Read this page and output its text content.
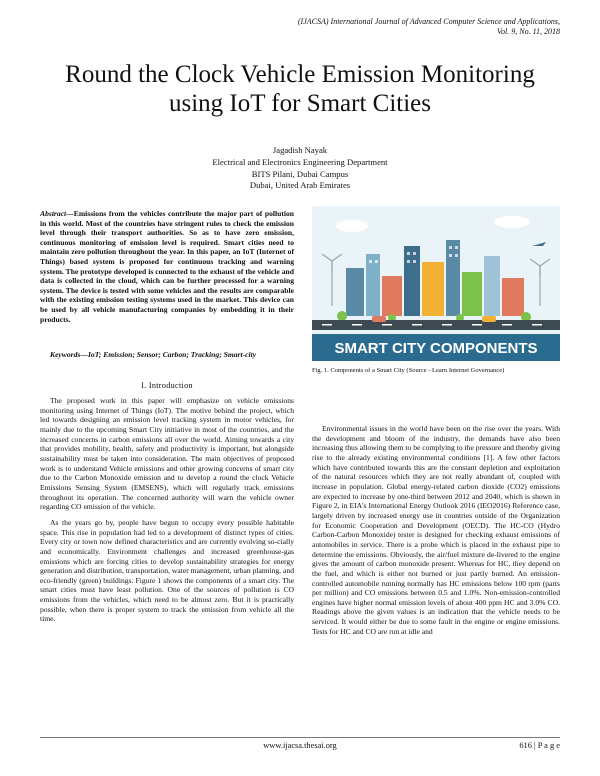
(IJACSA) International Journal of Advanced Computer Science and Applications,
Vol. 9, No. 11, 2018
Round the Clock Vehicle Emission Monitoring using IoT for Smart Cities
Jagadish Nayak
Electrical and Electronics Engineering Department
BITS Pilani, Dubai Campus
Dubai, United Arab Emirates
Abstract—Emissions from the vehicles contribute the major part of pollution in this world. Most of the countries have stringent rules to check the emission level through their transport authorities. So as to have zero emission, continuous monitoring of emission level is required. Smart cities need to maintain zero pollution throughout the year. In this paper, an IoT (Internet of Things) based system is proposed for continuous tracking and warning system. The prototype developed is connected to the exhaust of the vehicle and data is collected in the cloud, which can be further processed for a warning system. The device is tested with some vehicles and the results are comparable with the existing emission testing systems used in the market. This device can be used by all vehicle manufacturing companies by embedding it in their products.
Keywords—IoT; Emission; Sensor; Carbon; Tracking; Smart-city
I. Introduction

The proposed work in this paper will emphasize on vehicle emissions monitoring using Internet of Things (IoT). The motive behind the project, which led towards designing an emission level tracking system in motor vehicles, for mainly due to the upcoming Smart City initiative in most of the countries, and the increased concerns in carbon emissions all over the world. Aiming towards a city that provides mobility, health, safety and productivity is important, but alongside sustainability must be taken into consideration. The main objectives of proposed work is to understand Vehicle emissions and other growing concerns of smart city due to the Carbon Monoxide emission and to develop a round the clock Vehicle Emissions Sensing System (EMSENS), which will regularly track emissions throughout its operation. The concerned authority will warn the vehicle owner regarding CO emission of the vehicle.

As the years go by, people have begun to occupy every possible habitable space. This rise in population had led to a development of distinct types of cities. Every city or town now defined characteristics and are currently evolving so-cially and economically. Environment challenges and increased greenhouse-gas emissions which are forcing cities to develop sustainability strategies for energy generation and distribution, transportation, water management, urban planning, and eco-friendly (green) buildings. Figure 1 shows the components of a smart city. The smart cities must have least pollution. One of the sources of pollution is CO emissions from the vehicles, which need to be almost zero. But it is practically possible, when there is proper system to track the emission from vehicle all the time.

SMART CITY COMPONENTS
Fig. 1. Components of a Smart City (Source - Learn Internet Governance)

Environmental issues in the world have been on the rise over the years. With the development and bloom of the industry, the demands have also been increasing thus allowing them to be complying to the pressure and thereby giving rise to the already existing environmental conditions [1]. A few other factors which have contributed towards this are the constant depletion and exploitation of the natural resources which they are not really abundant of, coupled with increase in population. Global energy-related carbon dioxide (CO2) emissions are expected to increase by one-third between 2012 and 2040, which is shown in Figure 2, in EIA's International Energy Outlook 2016 (IEO2016) Reference case, largely driven by increased energy use in countries outside of the Organization for Economic Cooperation and Development (OECD). The HC-CO (Hydro Carbon-Carbon Monoxide) tester is designed for checking exhaust emissions of automobiles in service. There is a probe which is placed in the exhaust pipe to determine the emissions. Obviously, the air/fuel mixture de-livered to the engine gives the amount of carbon monoxide present. Whereas for HC, they depend on the fuel, and which is either not burned or just partly burned. An emission-controlled automobile running normally has HC emissions below 100 rpm (parts per million) and CO emissions between 0.5 and 1.0%. Non-emission-controlled engines have higher normal emission levels of about 400 ppm HC and 3.0% CO. Readings above the given values is an indication that the vehicle needs to be serviced. It would either be due to some fault in the engine or engine emissions. Tests for HC and CO are run at idle and

www.ijacsa.thesai.org	616 | P a g e
